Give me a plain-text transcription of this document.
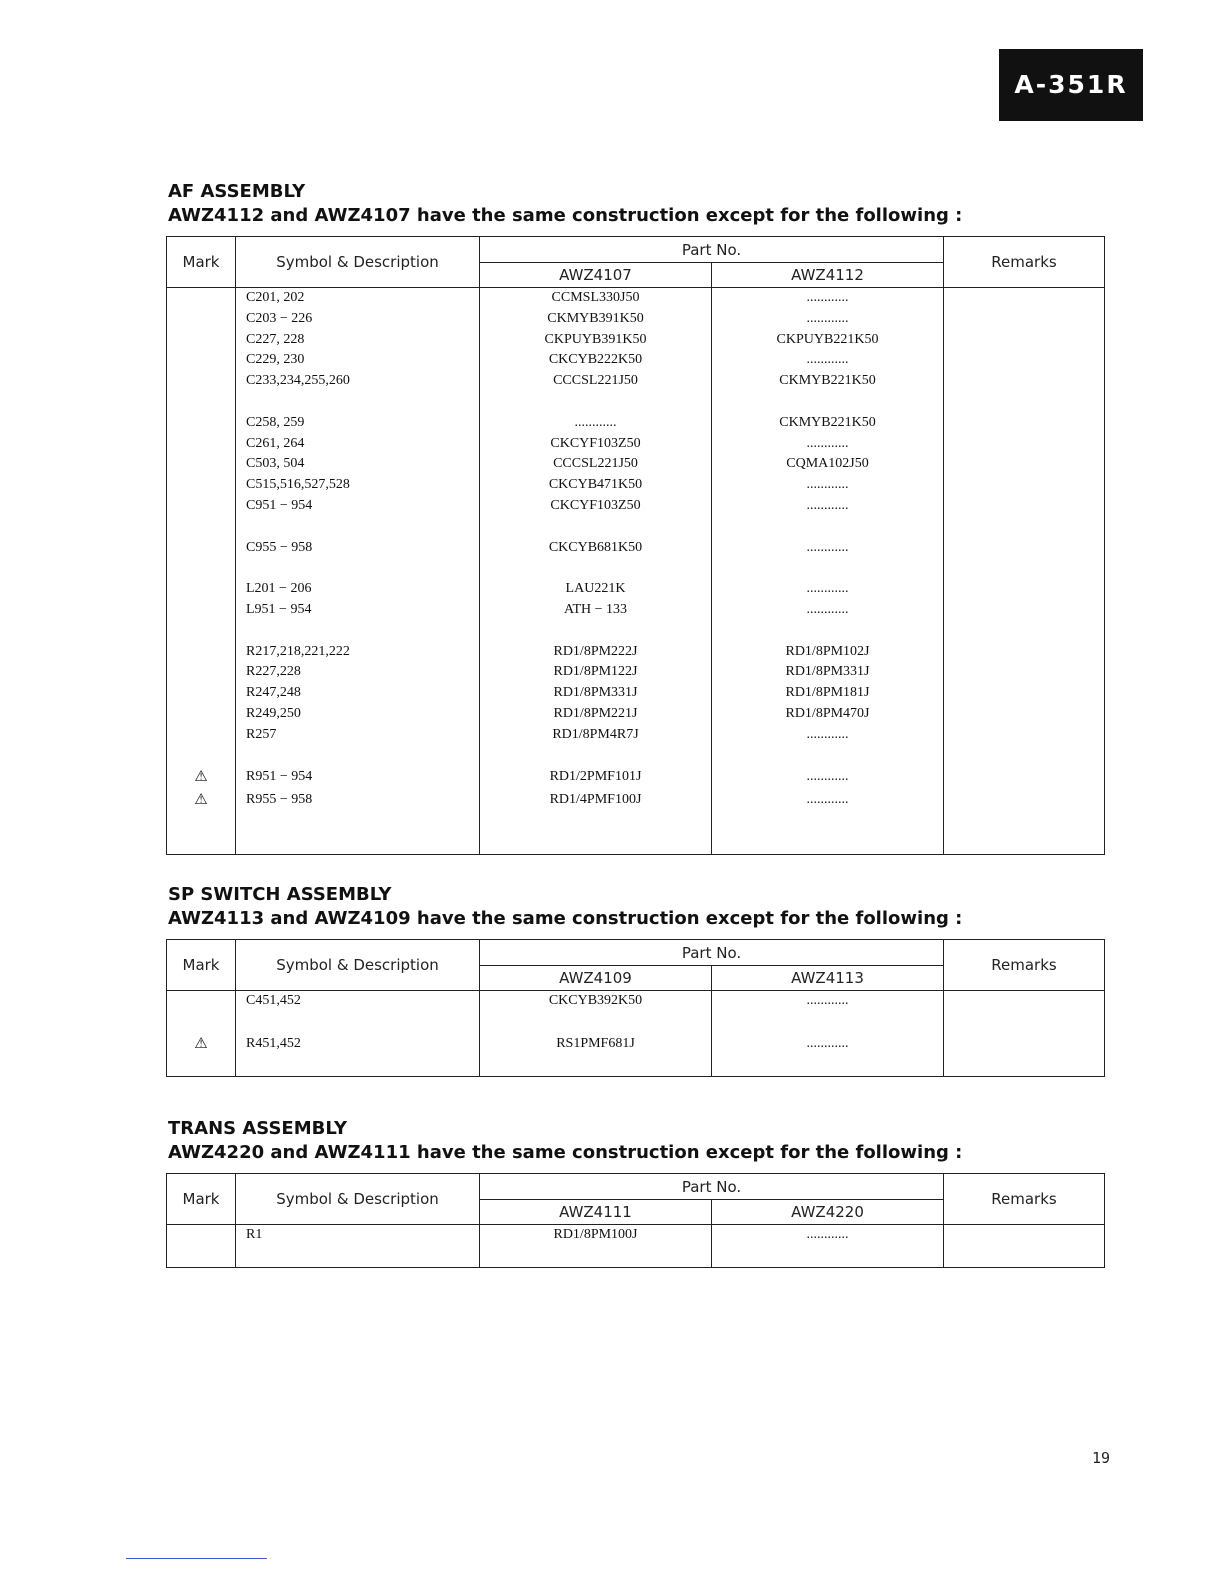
A-351R
AF ASSEMBLY
AWZ4112 and AWZ4107 have the same construction except for the following :
Mark	Symbol & Description	Part No.		Remarks
		AWZ4107	AWZ4112	
	C201, 202	CCMSL330J50	............	
	C203 − 226	CKMYB391K50	............	
	C227, 228	CKPUYB391K50	CKPUYB221K50	
	C229, 230	CKCYB222K50	............	
	C233,234,255,260	CCCSL221J50	CKMYB221K50	

	C258, 259	............	CKMYB221K50	
	C261, 264	CKCYF103Z50	............	
	C503, 504	CCCSL221J50	CQMA102J50	
	C515,516,527,528	CKCYB471K50	............	
	C951 − 954	CKCYF103Z50	............	

	C955 − 958	CKCYB681K50	............	

	L201 − 206	LAU221K	............	
	L951 − 954	ATH − 133	............	

	R217,218,221,222	RD1/8PM222J	RD1/8PM102J	
	R227,228	RD1/8PM122J	RD1/8PM331J	
	R247,248	RD1/8PM331J	RD1/8PM181J	
	R249,250	RD1/8PM221J	RD1/8PM470J	
	R257	RD1/8PM4R7J	............	

⚠	R951 − 954	RD1/2PMF101J	............	
⚠	R955 − 958	RD1/4PMF100J	............	

SP SWITCH ASSEMBLY
AWZ4113 and AWZ4109 have the same construction except for the following :
Mark	Symbol & Description	Part No.		Remarks
		AWZ4109	AWZ4113	
	C451,452	CKCYB392K50	............	

⚠	R451,452	RS1PMF681J	............	

TRANS ASSEMBLY
AWZ4220 and AWZ4111 have the same construction except for the following :
Mark	Symbol & Description	Part No.		Remarks
		AWZ4111	AWZ4220	
	R1	RD1/8PM100J	............	

19
